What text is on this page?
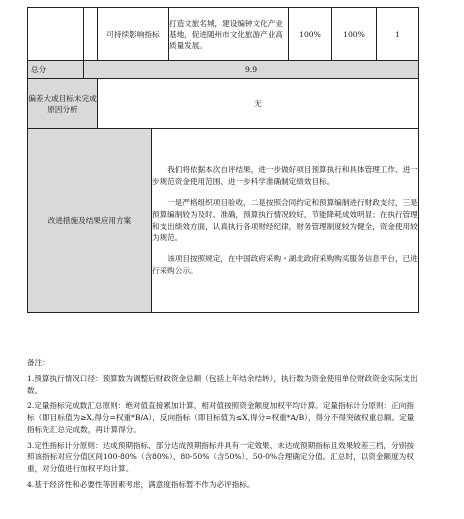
		可持续影响指标		打造文旅名城，建设编钟文化产业基地，促进随州市文化旅游产业高质量发展。	100%	100%	1
总分	9.9						
偏差大或目标未完成原因分析		无					
改进措施及结果应用方案			我们将依据本次自评结果，进一步做好项目预算执行和具体管理工作、进一步规范资金使用范围、进一步科学准确制定绩效目标。

一是严格组织项目验收，二是按照合同约定和预算编制进行财政支付，三是预算编制较为及时、准确，预算执行情况较好，节能降耗成效明显；在执行管理和支出绩效方面，认真执行各项财经纪律，财务管理制度较为健全，资金使用较为规范。

该项目按照规定，在中国政府采购・湖北政府采购购买服务信息平台，已进行采购公示。				

备注：

1.预算执行情况口径：预算数为调整后财政资金总额（包括上年结余结转），执行数为资金使用单位财政资金实际支出数。

2.定量指标完成数汇总原则：绝对值直接累加计算，相对值按照资金额度加权平均计算。定量指标计分原则：正向指标（即目标值为≥X,得分=权重*B/A），反向指标（即目标值为≤X,得分=权重*A/B），得分不得突破权重总额。定量指标先汇总完成数，再计算得分。

3.定性指标计分原则：达成预期指标、部分达成预期指标并具有一定效果、未达成预期指标且效果较差三档，分别按照该指标对应分值区间100-80%（含80%）、80-50%（含50%）、50-0%合理确定分值。汇总时，以资金额度为权重，对分值进行加权平均计算。

4.基于经济性和必要性等因素考虑，满意度指标暂不作为必评指标。
